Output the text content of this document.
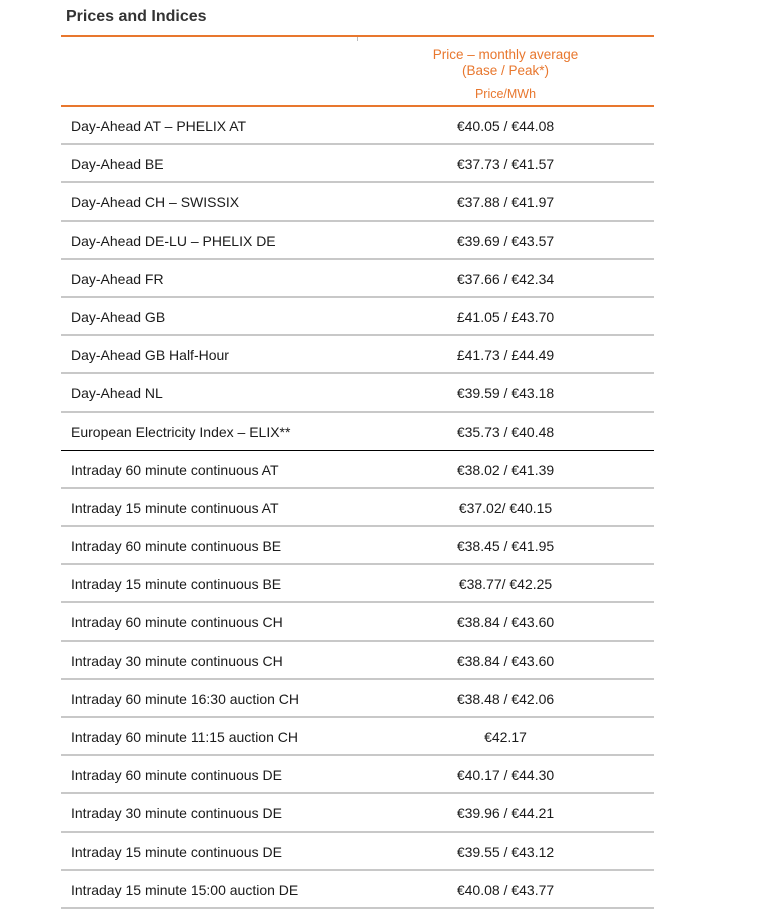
Prices and Indices
Price – monthly average
(Base / Peak*)
Price/MWh
Day-Ahead AT – PHELIX AT	€40.05 / €44.08
Day-Ahead BE	€37.73 / €41.57
Day-Ahead CH – SWISSIX	€37.88 / €41.97
Day-Ahead DE-LU – PHELIX DE	€39.69 / €43.57
Day-Ahead FR	€37.66 / €42.34
Day-Ahead GB	£41.05 / £43.70
Day-Ahead GB Half-Hour	£41.73 / £44.49
Day-Ahead NL	€39.59 / €43.18
European Electricity Index – ELIX**	€35.73 / €40.48
Intraday 60 minute continuous AT	€38.02 / €41.39
Intraday 15 minute continuous AT	€37.02/ €40.15
Intraday 60 minute continuous BE	€38.45 / €41.95
Intraday 15 minute continuous BE	€38.77/ €42.25
Intraday 60 minute continuous CH	€38.84 / €43.60
Intraday 30 minute continuous CH	€38.84 / €43.60
Intraday 60 minute 16:30 auction CH	€38.48 / €42.06
Intraday 60 minute 11:15 auction CH	€42.17
Intraday 60 minute continuous DE	€40.17 / €44.30
Intraday 30 minute continuous DE	€39.96 / €44.21
Intraday 15 minute continuous DE	€39.55 / €43.12
Intraday 15 minute 15:00 auction DE	€40.08 / €43.77
